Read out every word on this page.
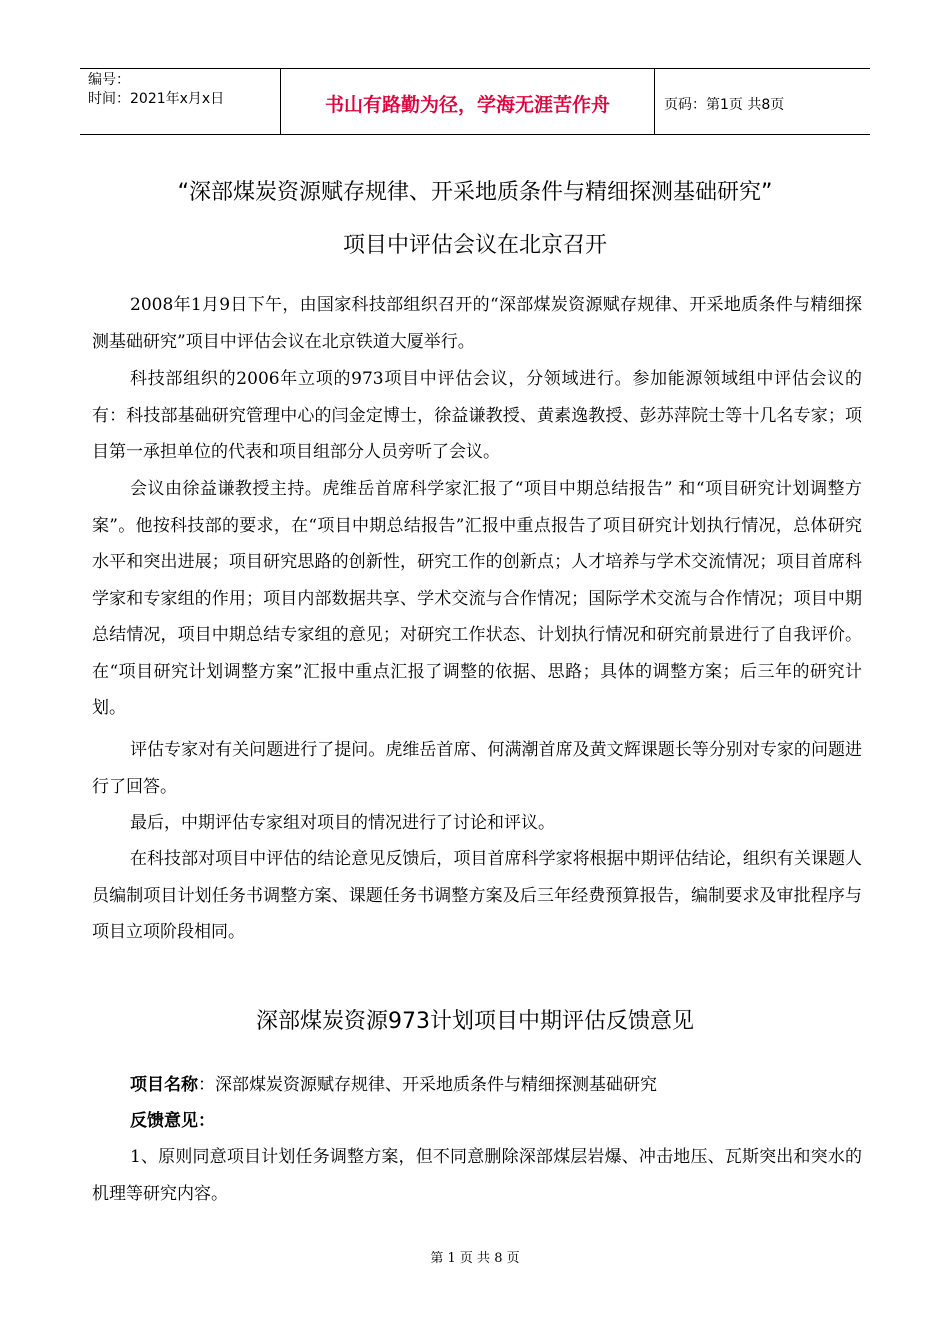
编号：
时间：2021年x月x日	书山有路勤为径，学海无涯苦作舟	页码：第1页 共8页
“深部煤炭资源赋存规律、开采地质条件与精细探测基础研究”
项目中评估会议在北京召开

2008年1月9日下午，由国家科技部组织召开的“深部煤炭资源赋存规律、开采地质条件与精细探测基础研究”项目中评估会议在北京铁道大厦举行。

科技部组织的2006年立项的973项目中评估会议，分领域进行。参加能源领域组中评估会议的有：科技部基础研究管理中心的闫金定博士，徐益谦教授、黄素逸教授、彭苏萍院士等十几名专家；项目第一承担单位的代表和项目组部分人员旁听了会议。

会议由徐益谦教授主持。虎维岳首席科学家汇报了“项目中期总结报告” 和“项目研究计划调整方案”。他按科技部的要求，在“项目中期总结报告”汇报中重点报告了项目研究计划执行情况，总体研究水平和突出进展；项目研究思路的创新性，研究工作的创新点；人才培养与学术交流情况；项目首席科学家和专家组的作用；项目内部数据共享、学术交流与合作情况；国际学术交流与合作情况；项目中期总结情况，项目中期总结专家组的意见；对研究工作状态、计划执行情况和研究前景进行了自我评价。在“项目研究计划调整方案”汇报中重点汇报了调整的依据、思路；具体的调整方案；后三年的研究计划。

评估专家对有关问题进行了提问。虎维岳首席、何满潮首席及黄文辉课题长等分别对专家的问题进行了回答。

最后，中期评估专家组对项目的情况进行了讨论和评议。

在科技部对项目中评估的结论意见反馈后，项目首席科学家将根据中期评估结论，组织有关课题人员编制项目计划任务书调整方案、课题任务书调整方案及后三年经费预算报告，编制要求及审批程序与项目立项阶段相同。

深部煤炭资源973计划项目中期评估反馈意见

项目名称：深部煤炭资源赋存规律、开采地质条件与精细探测基础研究

反馈意见：

1、原则同意项目计划任务调整方案，但不同意删除深部煤层岩爆、冲击地压、瓦斯突出和突水的机理等研究内容。

第 1 页 共 8 页
